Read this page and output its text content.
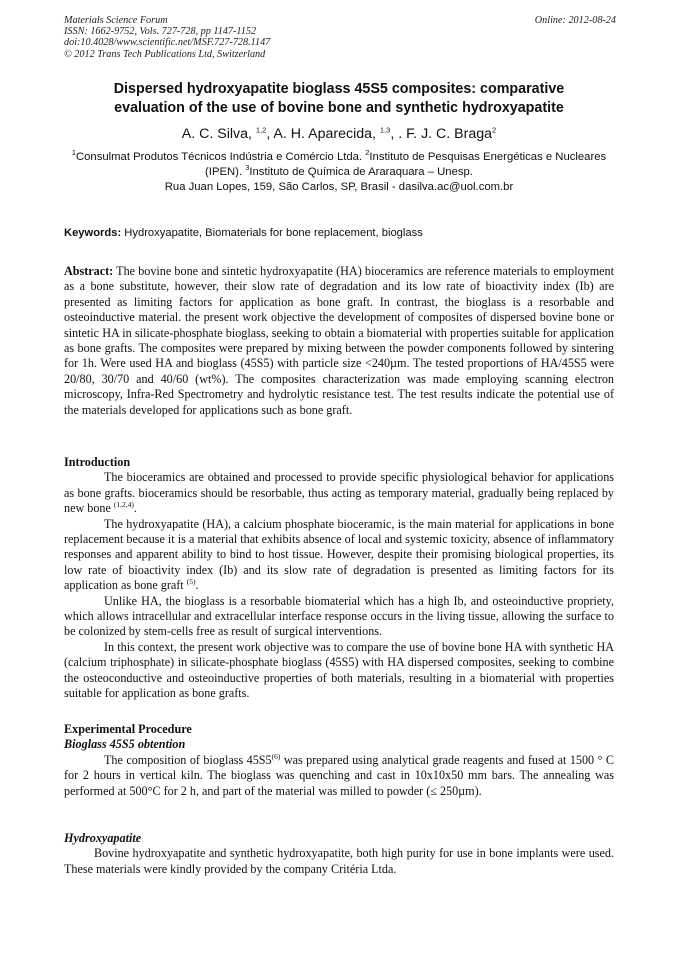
Materials Science Forum
ISSN: 1662-9752, Vols. 727-728, pp 1147-1152
doi:10.4028/www.scientific.net/MSF.727-728.1147
© 2012 Trans Tech Publications Ltd, Switzerland
Online: 2012-08-24
Dispersed hydroxyapatite bioglass 45S5 composites: comparative
evaluation of the use of bovine bone and synthetic hydroxyapatite
A. C. Silva, $^{1,2}$, A. H. Aparecida, $^{1,3}$, . F. J. C. Braga$^2$
$^1$Consulmat Produtos Técnicos Indústria e Comércio Ltda. $^2$Instituto de Pesquisas Energéticas e Nucleares (IPEN). $^3$Instituto de Química de Araraquara – Unesp.
Rua Juan Lopes, 159, São Carlos, SP, Brasil - dasilva.ac@uol.com.br
Keywords: Hydroxyapatite, Biomaterials for bone replacement, bioglass

Abstract: The bovine bone and sintetic hydroxyapatite (HA) bioceramics are reference materials to employment as a bone substitute, however, their slow rate of degradation and its low rate of bioactivity index (Ib) are presented as limiting factors for application as bone graft. In contrast, the bioglass is a resorbable and osteoinductive material. the present work objective the development of composites of dispersed bovine bone or sintetic HA in silicate-phosphate bioglass, seeking to obtain a biomaterial with properties suitable for application as bone grafts. The composites were prepared by mixing between the powder components followed by sintering for 1h. Were used HA and bioglass (45S5) with particle size <240µm. The tested proportions of HA/45S5 were 20/80, 30/70 and 40/60 (wt%). The composites characterization was made employing scanning electron microscopy, Infra-Red Spectrometry and hydrolytic resistance test. The test results indicate the potential use of the materials developed for applications such as bone graft.

Introduction

The bioceramics are obtained and processed to provide specific physiological behavior for applications as bone grafts. bioceramics should be resorbable, thus acting as temporary material, gradually being replaced by new bone $^{(1,2,4)}$.

The hydroxyapatite (HA), a calcium phosphate bioceramic, is the main material for applications in bone replacement because it is a material that exhibits absence of local and systemic toxicity, absence of inflammatory responses and apparent ability to bind to host tissue. However, despite their promising biological properties, its low rate of bioactivity index (Ib) and its slow rate of degradation is presented as limiting factors for its application as bone graft $^{(5)}$.

Unlike HA, the bioglass is a resorbable biomaterial which has a high Ib, and osteoinductive propriety, which allows intracellular and extracellular interface response occurs in the living tissue, allowing the surface to be colonized by stem-cells free as result of surgical interventions.

In this context, the present work objective was to compare the use of bovine bone HA with synthetic HA (calcium triphosphate) in silicate-phosphate bioglass (45S5) with HA dispersed composites, seeking to combine the osteoconductive and osteoinductive properties of both materials, resulting in a biomaterial with properties suitable for application as bone grafts.

Experimental Procedure
Bioglass 45S5 obtention

The composition of bioglass 45S5$^{(6)}$ was prepared using analytical grade reagents and fused at 1500 ° C for 2 hours in vertical kiln. The bioglass was quenching and cast in 10x10x50 mm bars. The annealing was performed at 500°C for 2 h, and part of the material was milled to powder (≤ 250µm).

Hydroxyapatite

Bovine hydroxyapatite and synthetic hydroxyapatite, both high purity for use in bone implants were used. These materials were kindly provided by the company Critéria Ltda.
